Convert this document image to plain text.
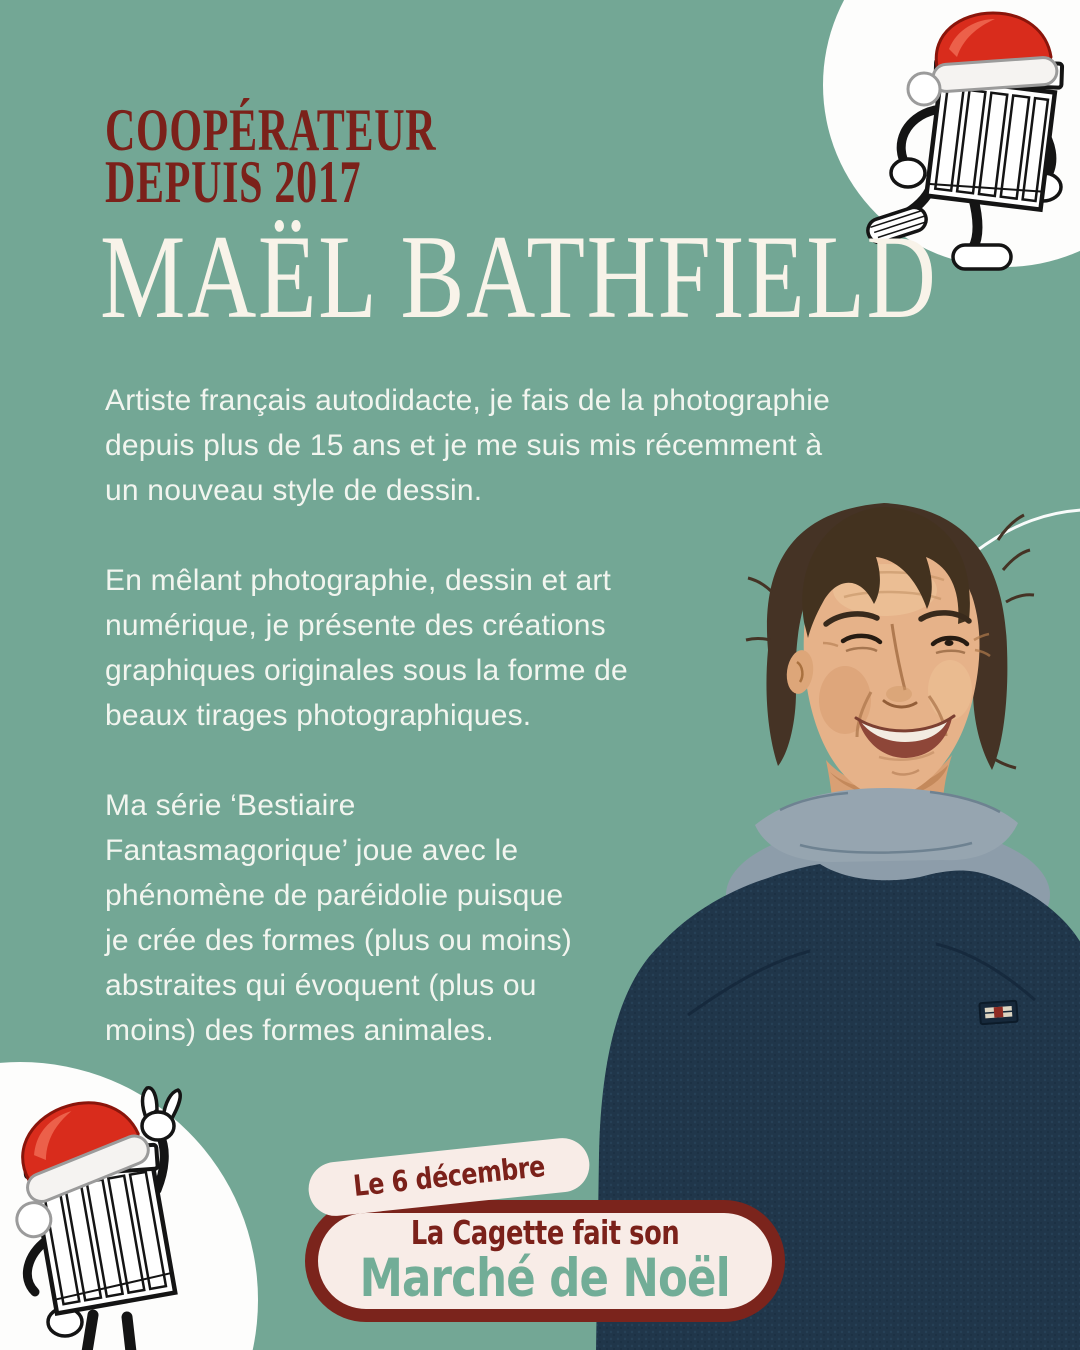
COOPÉRATEUR
DEPUIS 2017
MAËL BATHFIELD
Artiste français autodidacte, je fais de la photographie
depuis plus de 15 ans et je me suis mis récemment à
un nouveau style de dessin.
En mêlant photographie, dessin et art
numérique, je présente des créations
graphiques originales sous la forme de
beaux tirages photographiques.
Ma série ‘Bestiaire
Fantasmagorique’ joue avec le
phénomène de paréidolie puisque
je crée des formes (plus ou moins)
abstraites qui évoquent (plus ou
moins) des formes animales.
La Cagette fait son
Marché de Noël
Le 6 décembre
